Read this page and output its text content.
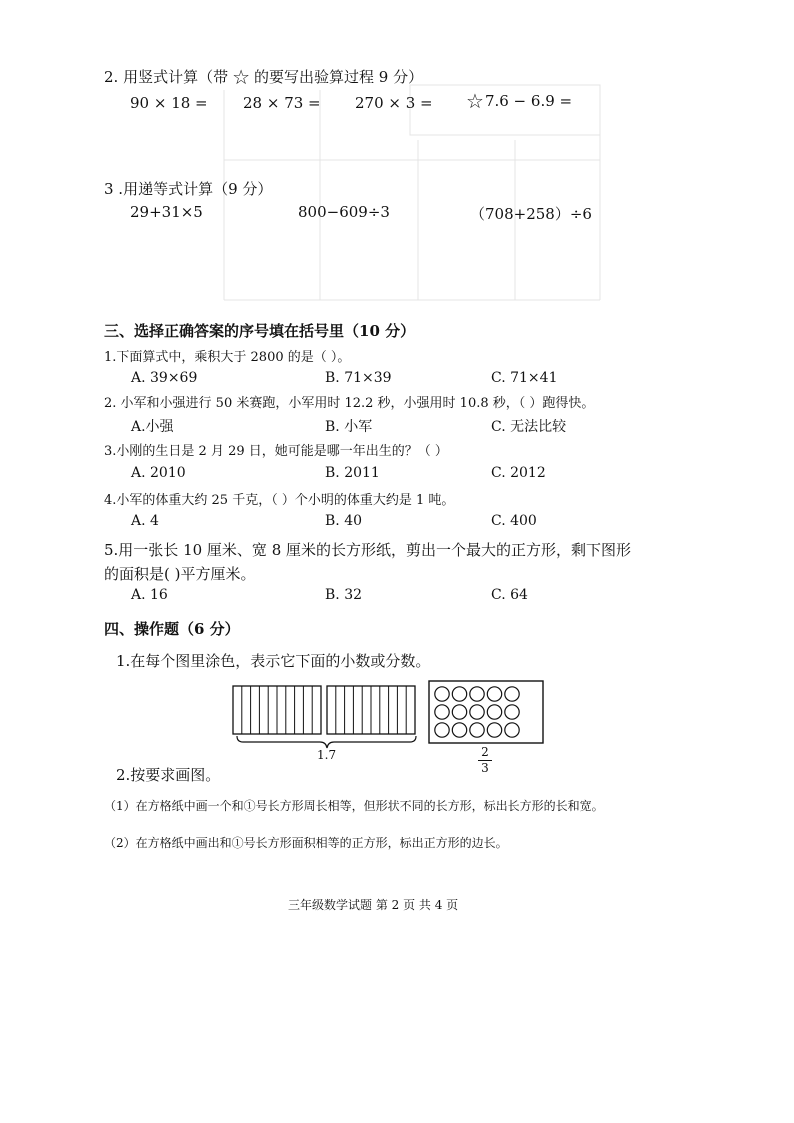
2. 用竖式计算（带 ☆ 的要写出验算过程 9 分）
90 × 18 = 28 × 73 = 270 × 3 = ☆7.6 − 6.9 =
3 .用递等式计算（9 分）
29+31×5	800−609÷3	（708+258）÷6
三、选择正确答案的序号填在括号里（10 分）
1.下面算式中，乘积大于 2800 的是（ ）。
A. 39×69	B. 71×39	C. 71×41
2. 小军和小强进行 50 米赛跑，小军用时 12.2 秒，小强用时 10.8 秒，（ ）跑得快。
A.小强	B. 小军	C. 无法比较
3.小刚的生日是 2 月 29 日，她可能是哪一年出生的？（ ）
A. 2010	B. 2011	C. 2012
4.小军的体重大约 25 千克，（ ）个小明的体重大约是 1 吨。
A. 4	B. 40	C. 400
5.用一张长 10 厘米、宽 8 厘米的长方形纸，剪出一个最大的正方形，剩下图形
的面积是( )平方厘米。
A. 16	B. 32	C. 64
四、操作题（6 分）
1.在每个图里涂色，表示它下面的小数或分数。
1.7	2
3
2.按要求画图。
（1）在方格纸中画一个和①号长方形周长相等，但形状不同的长方形，标出长方形的长和宽。
（2）在方格纸中画出和①号长方形面积相等的正方形，标出正方形的边长。
三年级数学试题 第 2 页 共 4 页
